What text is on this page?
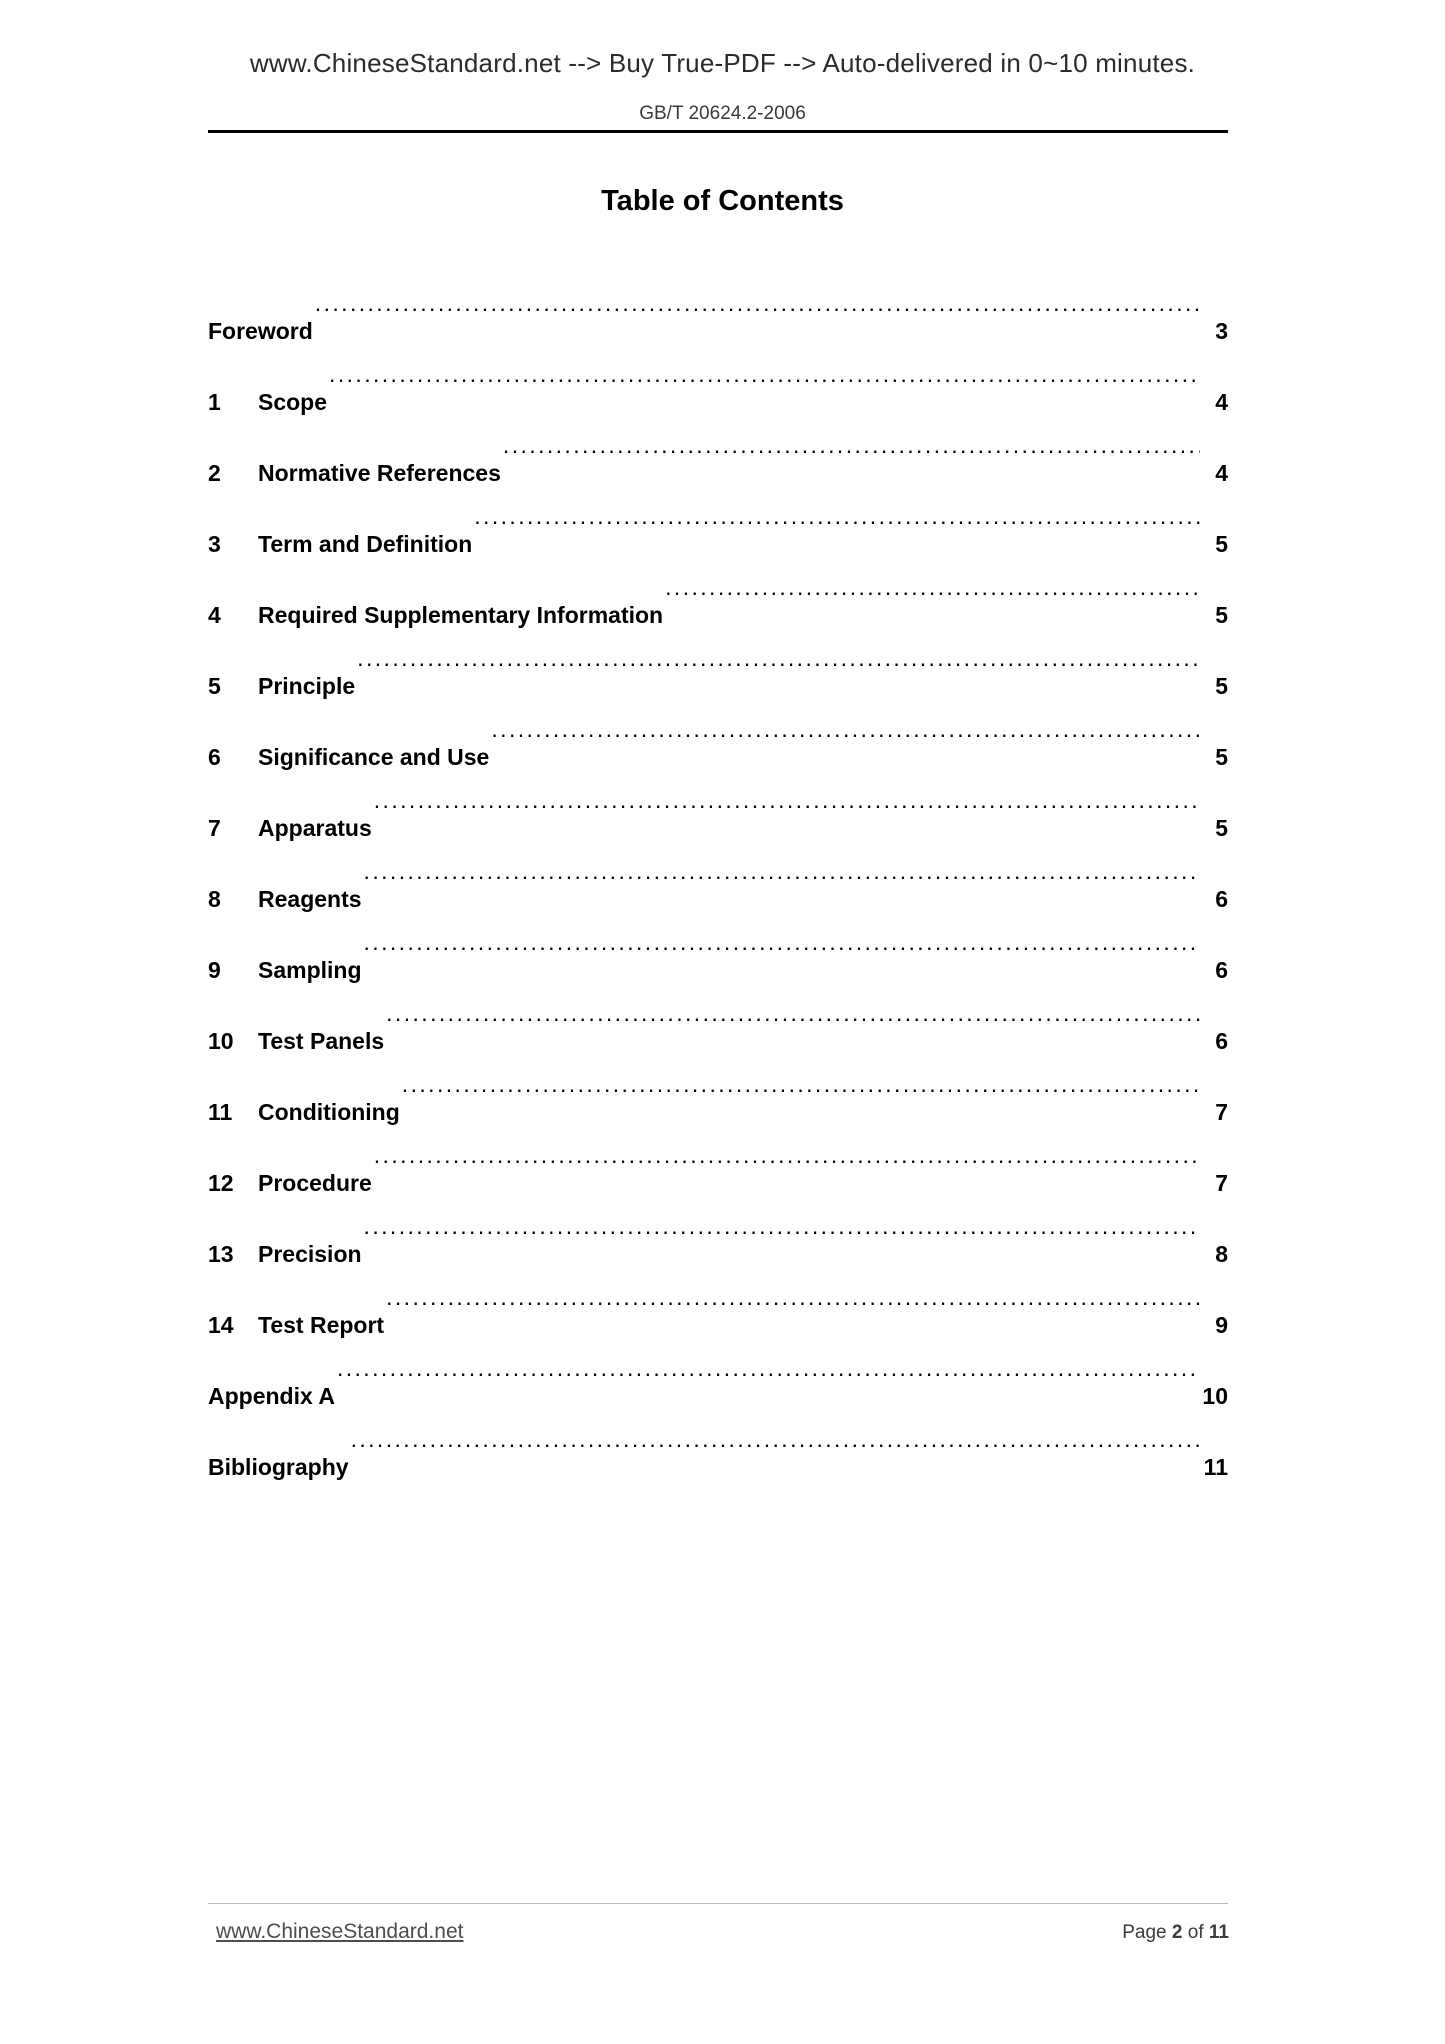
www.ChineseStandard.net --> Buy True-PDF --> Auto-delivered in 0~10 minutes.
GB/T 20624.2-2006
Table of Contents
Foreword .....	3
1	Scope .....	4
2	Normative References .....	4
3	Term and Definition .....	5
4	Required Supplementary Information .....	5
5	Principle .....	5
6	Significance and Use .....	5
7	Apparatus .....	5
8	Reagents .....	6
9	Sampling .....	6
10	Test Panels .....	6
11	Conditioning .....	7
12	Procedure .....	7
13	Precision .....	8
14	Test Report .....	9
Appendix A .....	10
Bibliography .....	11
www.ChineseStandard.net	Page 2 of 11
